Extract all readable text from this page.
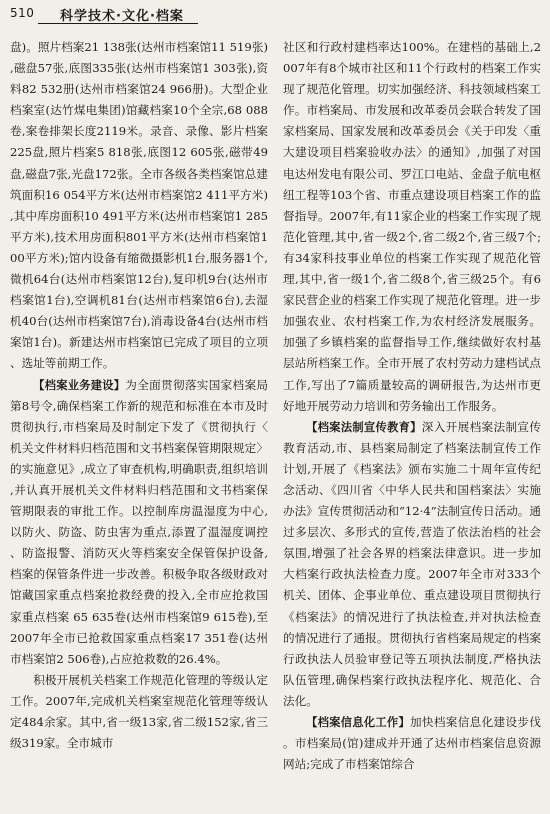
510 科学技术·文化·档案

盘)。照片档案21 138张(达州市档案馆11 519张),磁盘57张,底图335张(达州市档案馆1 303张),资料82 532册(达州市档案馆24 966册)。大型企业档案室(达竹煤电集团)馆藏档案10个全宗,68 088卷,案卷排架长度2119米。录音、录像、影片档案225盘,照片档案5 818张,底图12 605张,磁带49盘,磁盘7张,光盘172张。全市各级各类档案馆总建筑面积16 054平方米(达州市档案馆2 411平方米),其中库房面积10 491平方米(达州市档案馆1 285平方米),技术用房面积801平方米(达州市档案馆100平方米);馆内设备有缩微摄影机1台,服务器1个,微机64台(达州市档案馆12台),复印机9台(达州市档案馆1台),空调机81台(达州市档案馆6台),去湿机40台(达州市档案馆7台),消毒设备4台(达州市档案馆1台)。新建达州市档案馆已完成了项目的立项、选址等前期工作。

【档案业务建设】为全面贯彻落实国家档案局第8号令,确保档案工作新的规范和标准在本市及时贯彻执行,市档案局及时制定下发了《贯彻执行〈机关文件材料归档范围和文书档案保管期限规定〉的实施意见》,成立了审查机构,明确职责,组织培训,并认真开展机关文件材料归档范围和文书档案保管期限表的审批工作。以控制库房温湿度为中心,以防火、防盗、防虫害为重点,添置了温湿度调控、防盗报警、消防灭火等档案安全保管保护设备,档案的保管条件进一步改善。积极争取各级财政对馆藏国家重点档案抢救经费的投入,全市应抢救国家重点档案 65 635卷(达州市档案馆9 615卷),至2007年全市已抢救国家重点档案17 351卷(达州市档案馆2 506卷),占应抢救数的26.4%。

积极开展机关档案工作规范化管理的等级认定工作。2007年,完成机关档案室规范化管理等级认定484余家。其中,省一级13家,省二级152家,省三级319家。全市城市

社区和行政村建档率达100%。在建档的基础上,2007年有8个城市社区和11个行政村的档案工作实现了规范化管理。切实加强经济、科技领域档案工作。市档案局、市发展和改革委员会联合转发了国家档案局、国家发展和改革委员会《关于印发〈重大建设项目档案验收办法〉的通知》,加强了对国电达州发电有限公司、罗江口电站、金盘子航电枢纽工程等103个省、市重点建设项目档案工作的监督指导。2007年,有11家企业的档案工作实现了规范化管理,其中,省一级2个,省二级2个,省三级7个;有34家科技事业单位的档案工作实现了规范化管理,其中,省一级1个,省二级8个,省三级25个。有6家民营企业的档案工作实现了规范化管理。进一步加强农业、农村档案工作,为农村经济发展服务。加强了乡镇档案的监督指导工作,继续做好农村基层站所档案工作。全市开展了农村劳动力建档试点工作,写出了7篇质量较高的调研报告,为达州市更好地开展劳动力培训和劳务输出工作服务。

【档案法制宣传教育】深入开展档案法制宣传教育活动,市、县档案局制定了档案法制宣传工作计划,开展了《档案法》颁布实施二十周年宣传纪念活动、《四川省〈中华人民共和国档案法〉实施办法》宣传贯彻活动和“12·4”法制宣传日活动。通过多层次、多形式的宣传,营造了依法治档的社会氛围,增强了社会各界的档案法律意识。进一步加大档案行政执法检查力度。2007年全市对333个机关、团体、企事业单位、重点建设项目贯彻执行《档案法》的情况进行了执法检查,并对执法检查的情况进行了通报。贯彻执行省档案局规定的档案行政执法人员验审登记等五项执法制度,严格执法队伍管理,确保档案行政执法程序化、规范化、合法化。

【档案信息化工作】加快档案信息化建设步伐。市档案局(馆)建成并开通了达州市档案信息资源网站;完成了市档案馆综合
